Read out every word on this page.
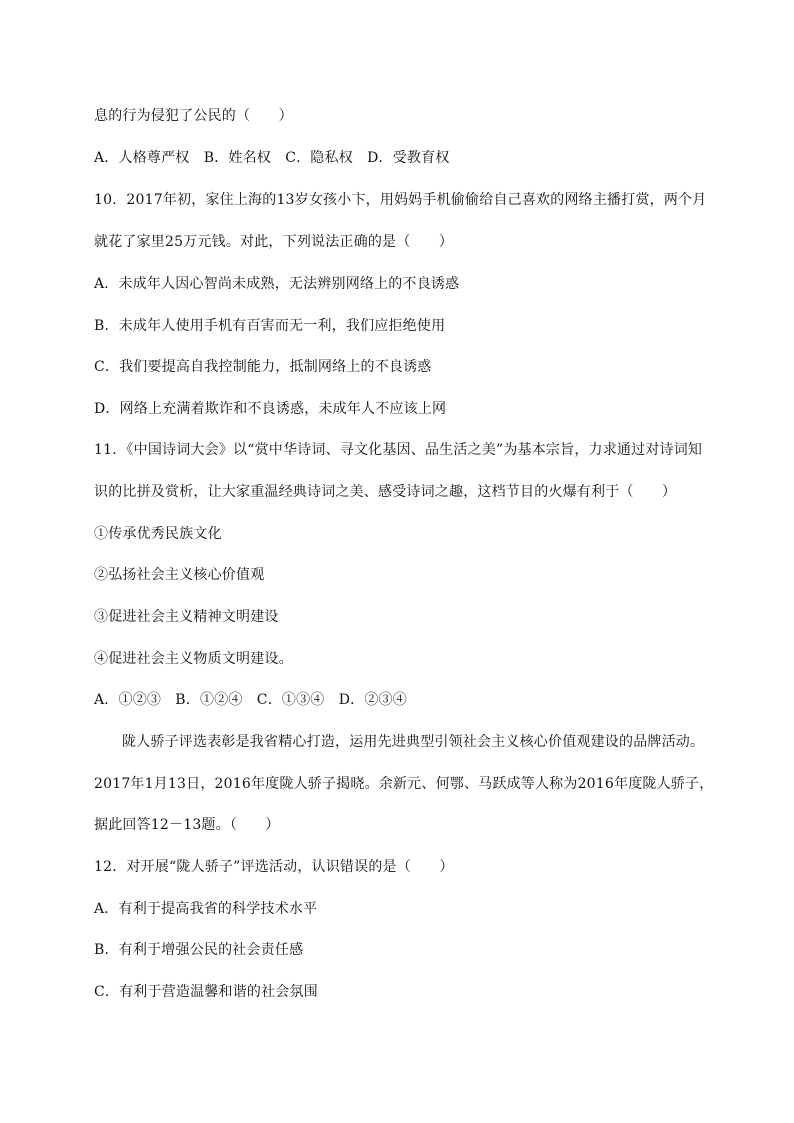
息的行为侵犯了公民的（　　）
A．人格尊严权　B．姓名权　C．隐私权　D．受教育权
10．2017年初，家住上海的13岁女孩小卞，用妈妈手机偷偷给自己喜欢的网络主播打赏，两个月
就花了家里25万元钱。对此，下列说法正确的是（　　）
A．未成年人因心智尚未成熟，无法辨别网络上的不良诱惑
B．未成年人使用手机有百害而无一利，我们应拒绝使用
C．我们要提高自我控制能力，抵制网络上的不良诱惑
D．网络上充满着欺诈和不良诱惑，未成年人不应该上网
11．《中国诗词大会》以“赏中华诗词、寻文化基因、品生活之美”为基本宗旨，力求通过对诗词知
识的比拼及赏析，让大家重温经典诗词之美、感受诗词之趣，这档节目的火爆有利于（　　）
①传承优秀民族文化
②弘扬社会主义核心价值观
③促进社会主义精神文明建设
④促进社会主义物质文明建设。
A．①②③　B．①②④　C．①③④　D．②③④
陇人骄子评选表彰是我省精心打造，运用先进典型引领社会主义核心价值观建设的品牌活动。
2017年1月13日，2016年度陇人骄子揭晓。余新元、何鄂、马跃成等人称为2016年度陇人骄子，
据此回答12－13题。（　　）
12．对开展“陇人骄子”评选活动，认识错误的是（　　）
A．有利于提高我省的科学技术水平
B．有利于增强公民的社会责任感
C．有利于营造温馨和谐的社会氛围
